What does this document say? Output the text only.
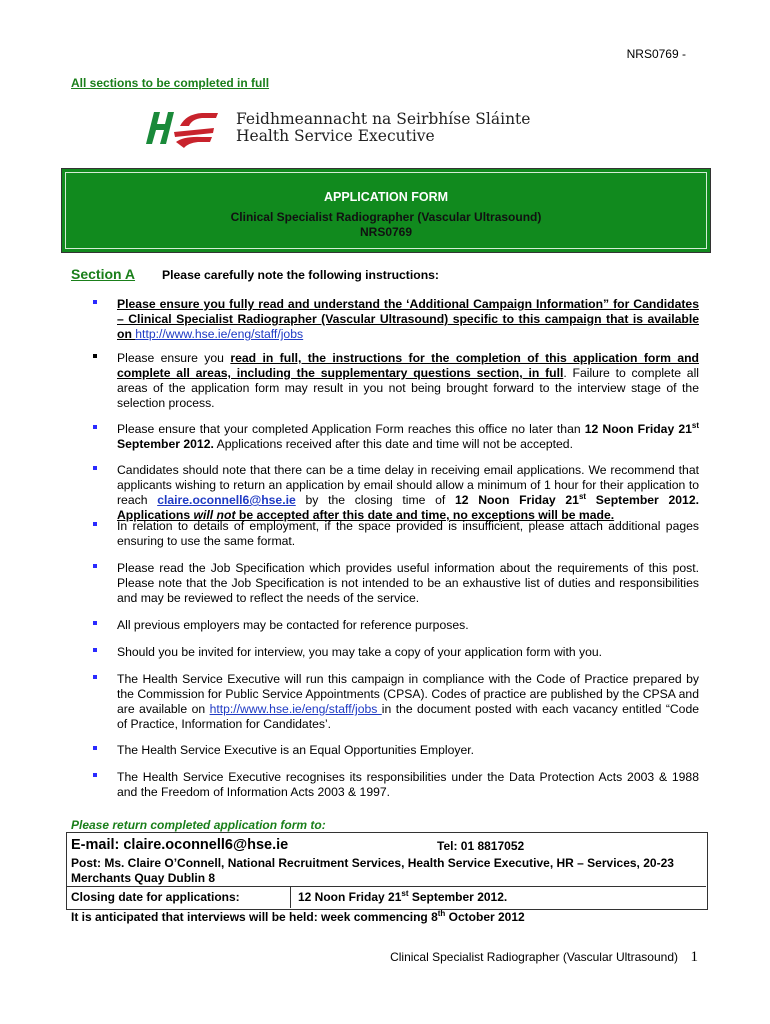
NRS0769 -
All sections to be completed in full
Feidhmeannacht na Seirbhíse Sláinte
Health Service Executive
APPLICATION FORM
Clinical Specialist Radiographer (Vascular Ultrasound)
NRS0769
Section A Please carefully note the following instructions:
Please ensure you fully read and understand the ‘Additional Campaign Information” for Candidates – Clinical Specialist Radiographer (Vascular Ultrasound) specific to this campaign that is available on http://www.hse.ie/eng/staff/jobs
Please ensure you read in full, the instructions for the completion of this application form and complete all areas, including the supplementary questions section, in full. Failure to complete all areas of the application form may result in you not being brought forward to the interview stage of the selection process.
Please ensure that your completed Application Form reaches this office no later than 12 Noon Friday 21st September 2012. Applications received after this date and time will not be accepted.
Candidates should note that there can be a time delay in receiving email applications. We recommend that applicants wishing to return an application by email should allow a minimum of 1 hour for their application to reach claire.oconnell6@hse.ie by the closing time of 12 Noon Friday 21st September 2012. Applications will not be accepted after this date and time, no exceptions will be made.
In relation to details of employment, if the space provided is insufficient, please attach additional pages ensuring to use the same format.
Please read the Job Specification which provides useful information about the requirements of this post. Please note that the Job Specification is not intended to be an exhaustive list of duties and responsibilities and may be reviewed to reflect the needs of the service.
All previous employers may be contacted for reference purposes.
Should you be invited for interview, you may take a copy of your application form with you.
The Health Service Executive will run this campaign in compliance with the Code of Practice prepared by the Commission for Public Service Appointments (CPSA). Codes of practice are published by the CPSA and are available on http://www.hse.ie/eng/staff/jobs in the document posted with each vacancy entitled “Code of Practice, Information for Candidates’.
The Health Service Executive is an Equal Opportunities Employer.
The Health Service Executive recognises its responsibilities under the Data Protection Acts 2003 & 1988 and the Freedom of Information Acts 2003 & 1997.
Please return completed application form to:
E-mail: claire.oconnell6@hse.ie	Tel: 01 8817052
Post: Ms. Claire O’Connell, National Recruitment Services, Health Service Executive, HR – Services, 20-23 Merchants Quay Dublin 8
Closing date for applications:	12 Noon Friday 21st September 2012.
It is anticipated that interviews will be held: week commencing 8th October 2012
Clinical Specialist Radiographer (Vascular Ultrasound) 1
